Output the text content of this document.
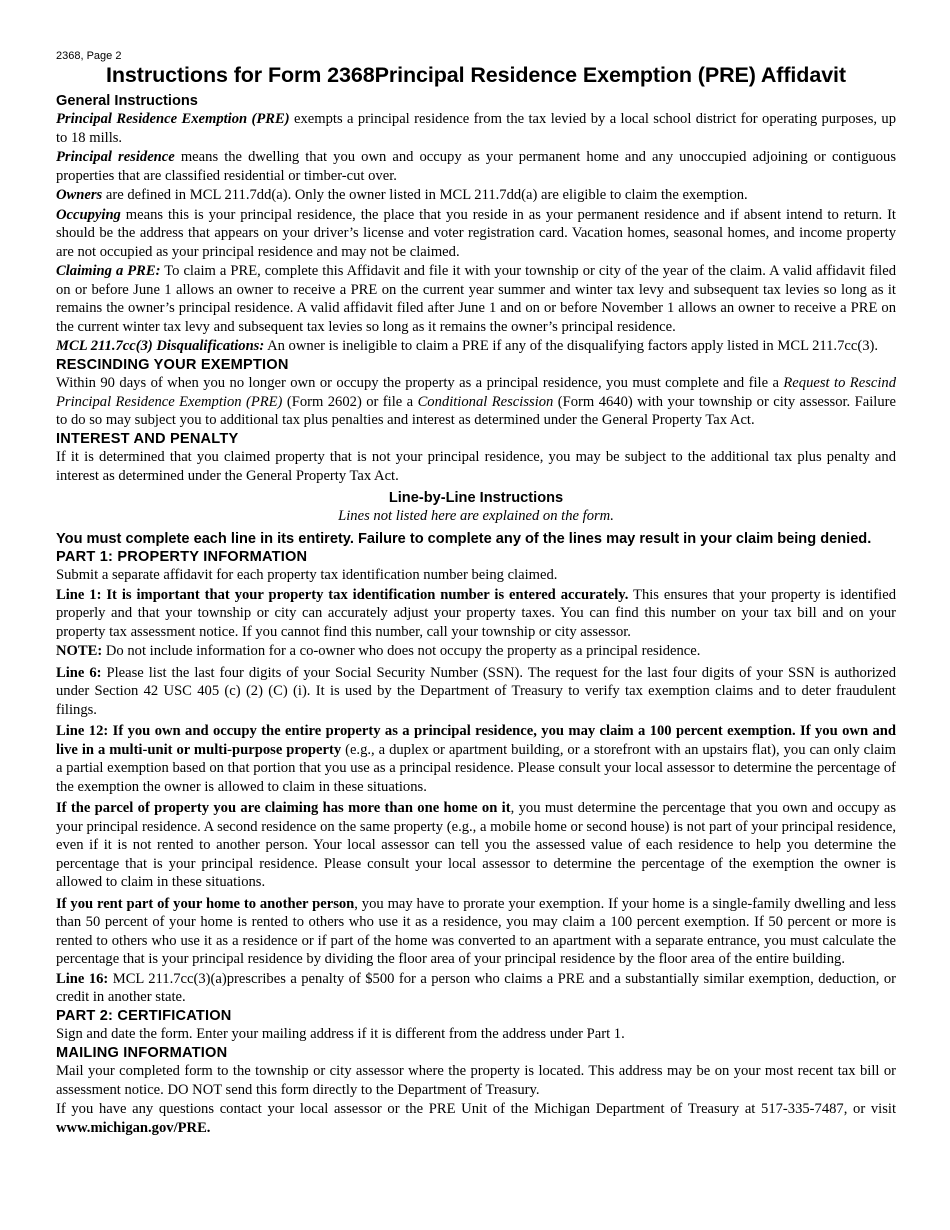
2368, Page 2
Instructions for Form 2368Principal Residence Exemption (PRE) Affidavit
General Instructions

Principal Residence Exemption (PRE) exempts a principal residence from the tax levied by a local school district for operating purposes, up to 18 mills.

Principal residence means the dwelling that you own and occupy as your permanent home and any unoccupied adjoining or contiguous properties that are classified residential or timber-cut over.

Owners are defined in MCL 211.7dd(a). Only the owner listed in MCL 211.7dd(a) are eligible to claim the exemption.

Occupying means this is your principal residence, the place that you reside in as your permanent residence and if absent intend to return. It should be the address that appears on your driver’s license and voter registration card. Vacation homes, seasonal homes, and income property are not occupied as your principal residence and may not be claimed.

Claiming a PRE: To claim a PRE, complete this Affidavit and file it with your township or city of the year of the claim. A valid affidavit filed on or before June 1 allows an owner to receive a PRE on the current year summer and winter tax levy and subsequent tax levies so long as it remains the owner’s principal residence. A valid affidavit filed after June 1 and on or before November 1 allows an owner to receive a PRE on the current winter tax levy and subsequent tax levies so long as it remains the owner’s principal residence.

MCL 211.7cc(3) Disqualifications: An owner is ineligible to claim a PRE if any of the disqualifying factors apply listed in MCL 211.7cc(3).

RESCINDING YOUR EXEMPTION

Within 90 days of when you no longer own or occupy the property as a principal residence, you must complete and file a Request to Rescind Principal Residence Exemption (PRE) (Form 2602) or file a Conditional Rescission (Form 4640) with your township or city assessor. Failure to do so may subject you to additional tax plus penalties and interest as determined under the General Property Tax Act.

INTEREST AND PENALTY

If it is determined that you claimed property that is not your principal residence, you may be subject to the additional tax plus penalty and interest as determined under the General Property Tax Act.

Line-by-Line Instructions
Lines not listed here are explained on the form.
You must complete each line in its entirety. Failure to complete any of the lines may result in your claim being denied.
PART 1: PROPERTY INFORMATION

Submit a separate affidavit for each property tax identification number being claimed.

Line 1: It is important that your property tax identification number is entered accurately. This ensures that your property is identified properly and that your township or city can accurately adjust your property taxes. You can find this number on your tax bill and on your property tax assessment notice. If you cannot find this number, call your township or city assessor.

NOTE: Do not include information for a co-owner who does not occupy the property as a principal residence.

Line 6: Please list the last four digits of your Social Security Number (SSN). The request for the last four digits of your SSN is authorized under Section 42 USC 405 (c) (2) (C) (i). It is used by the Department of Treasury to verify tax exemption claims and to deter fraudulent filings.

Line 12: If you own and occupy the entire property as a principal residence, you may claim a 100 percent exemption. If you own and live in a multi-unit or multi-purpose property (e.g., a duplex or apartment building, or a storefront with an upstairs flat), you can only claim a partial exemption based on that portion that you use as a principal residence. Please consult your local assessor to determine the percentage of the exemption the owner is allowed to claim in these situations.

If the parcel of property you are claiming has more than one home on it, you must determine the percentage that you own and occupy as your principal residence. A second residence on the same property (e.g., a mobile home or second house) is not part of your principal residence, even if it is not rented to another person. Your local assessor can tell you the assessed value of each residence to help you determine the percentage that is your principal residence. Please consult your local assessor to determine the percentage of the exemption the owner is allowed to claim in these situations.

If you rent part of your home to another person, you may have to prorate your exemption. If your home is a single-family dwelling and less than 50 percent of your home is rented to others who use it as a residence, you may claim a 100 percent exemption. If 50 percent or more is rented to others who use it as a residence or if part of the home was converted to an apartment with a separate entrance, you must calculate the percentage that is your principal residence by dividing the floor area of your principal residence by the floor area of the entire building.

Line 16: MCL 211.7cc(3)(a)prescribes a penalty of $500 for a person who claims a PRE and a substantially similar exemption, deduction, or credit in another state.

PART 2: CERTIFICATION

Sign and date the form. Enter your mailing address if it is different from the address under Part 1.

MAILING INFORMATION

Mail your completed form to the township or city assessor where the property is located. This address may be on your most recent tax bill or assessment notice. DO NOT send this form directly to the Department of Treasury.

If you have any questions contact your local assessor or the PRE Unit of the Michigan Department of Treasury at 517-335-7487, or visit www.michigan.gov/PRE.
